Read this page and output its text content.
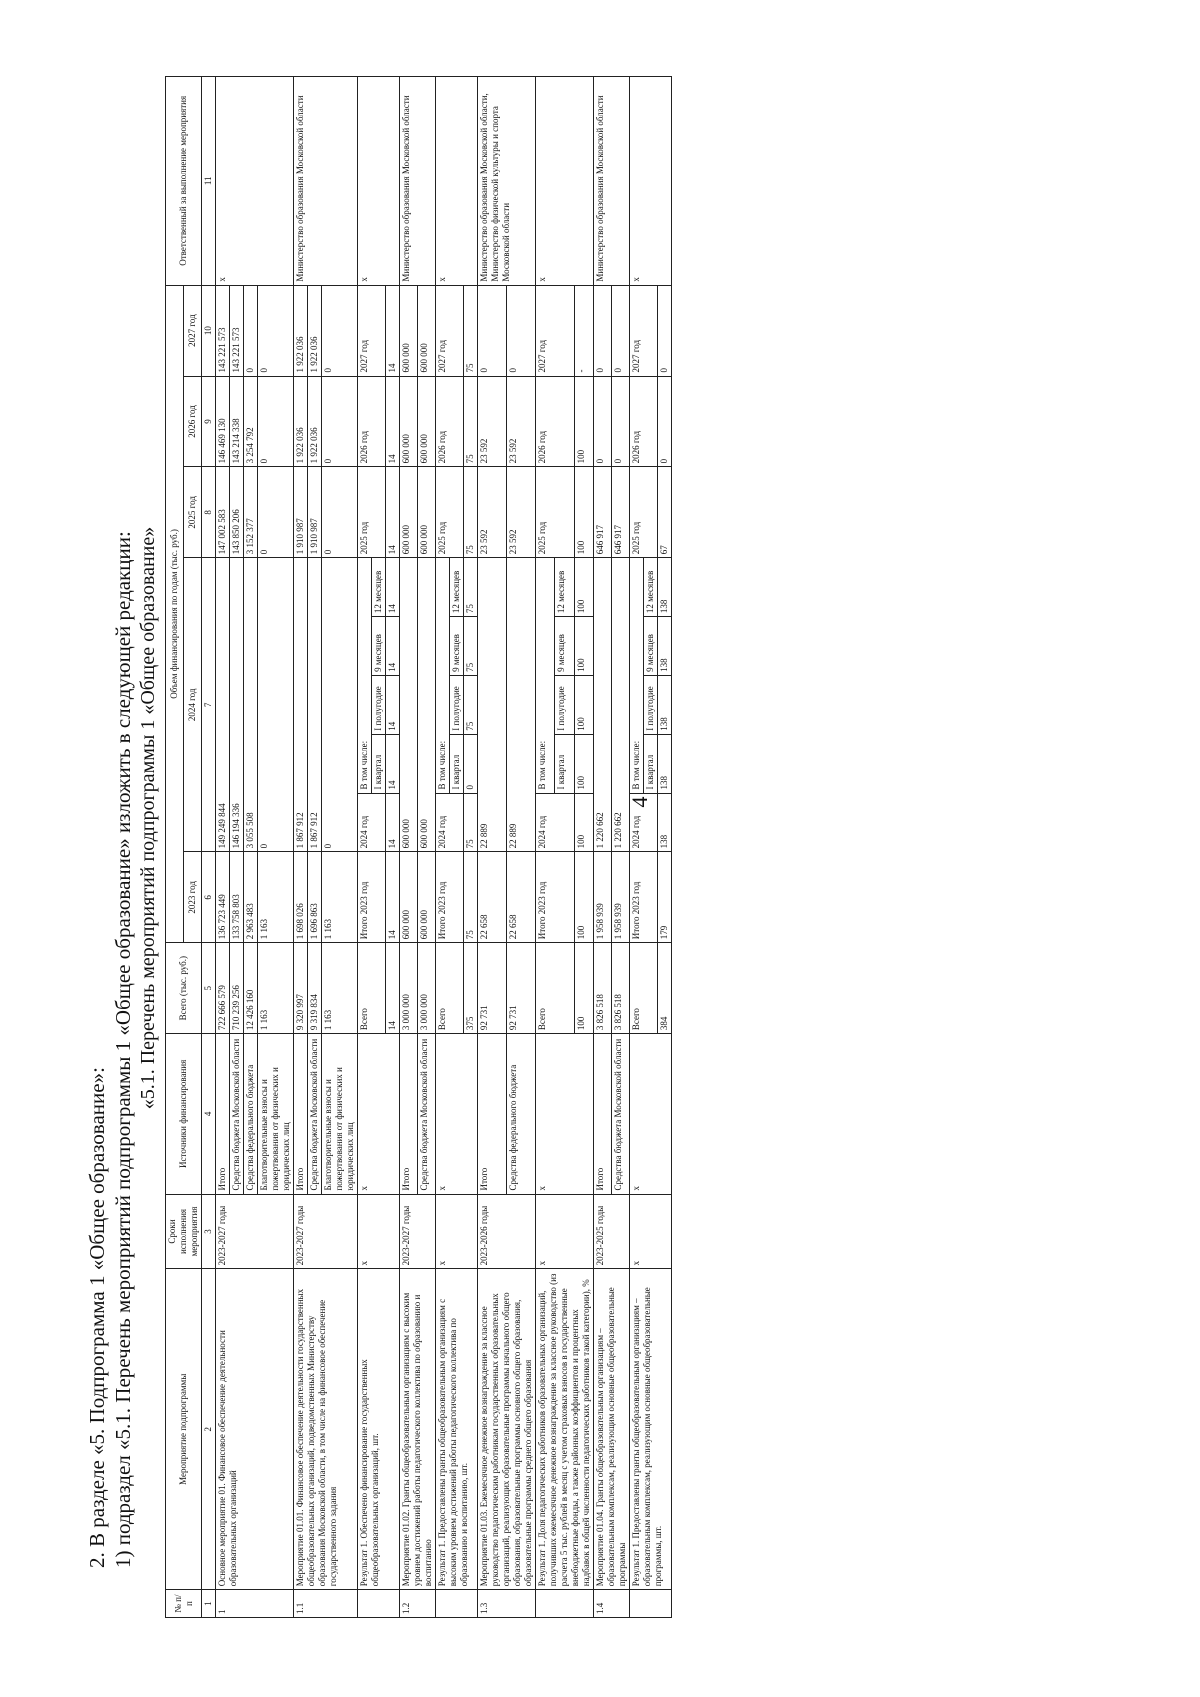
4
2. В разделе «5. Подпрограмма 1 «Общее образование»: 1) подраздел «5.1. Перечень мероприятий подпрограммы 1 «Общее образование» изложить в следующей редакции: «5.1. Перечень мероприятий подпрограммы 1 «Общее образование»
№ п/п	Мероприятие подпрограммы	Сроки исполнения мероприятия	Источники финансирования	Всего (тыс. руб.)	Объем финансирования по годам (тыс. руб.)									Ответственный за выполнение мероприятия
					2023 год	2024 год					2025 год	2026 год	2027 год	
1	2	3	4	5	6	7					8	9	10	11
1	Основное мероприятие 01. Финансовое обеспечение деятельности образовательных организаций	2023-2027 годы	Итого	722 666 579	136 723 449	149 249 844					147 002 583	146 469 130	143 221 573	х
			Средства бюджета Московской области	710 239 256	133 758 803	146 194 336					143 850 206	143 214 338	143 221 573	
			Средства федерального бюджета	12 426 160	2 963 483	3 055 508					3 152 377	3 254 792	0	
			Благотворительные взносы и пожертвования от физических и юридических лиц	1 163	1 163	0					0	0	0	
1.1	Мероприятие 01.01. Финансовое обеспечение деятельности государственных общеобразовательных организаций, подведомственных Министерству образования Московской области, в том числе на финансовое обеспечение государственного задания	2023-2027 годы	Итого	9 320 997	1 698 026	1 867 912					1 910 987	1 922 036	1 922 036	Министерство образования Московской области
			Средства бюджета Московской области	9 319 834	1 696 863	1 867 912					1 910 987	1 922 036	1 922 036	
			Благотворительные взносы и пожертвования от физических и юридических лиц	1 163	1 163	0					0	0	0	
	Результат 1. Обеспечено финансирование государственных общеобразовательных организаций, шт.	х	х	Всего	Итого 2023 год	2024 год	В том числе:				2025 год	2026 год	2027 год	х
							I квартал	I полугодие	9 месяцев	12 месяцев				
				14	14	14	14	14	14	14	14	14	14	
1.2	Мероприятие 01.02. Гранты общеобразовательным организациям с высоким уровнем достижений работы педагогического коллектива по образованию и воспитанию	2023-2027 годы	Итого	3 000 000	600 000	600 000					600 000	600 000	600 000	Министерство образования Московской области
			Средства бюджета Московской области	3 000 000	600 000	600 000					600 000	600 000	600 000	
	Результат 1. Предоставлены гранты общеобразовательным организациям с высоким уровнем достижений работы педагогического коллектива по образованию и воспитанию, шт.	х	х	Всего	Итого 2023 год	2024 год	В том числе:				2025 год	2026 год	2027 год	х
							I квартал	I полугодие	9 месяцев	12 месяцев				
				375	75	75	0	75	75	75	75	75	75	
1.3	Мероприятие 01.03. Ежемесячное денежное вознаграждение за классное руководство педагогическим работникам государственных образовательных организаций, реализующих образовательные программы начального общего образования, образовательные программы основного общего образования, образовательные программы среднего общего образования	2023-2026 годы	Итого	92 731	22 658	22 889					23 592	23 592	0	Министерство образования Московской области, Министерство физической культуры и спорта Московской области
			Средства федерального бюджета	92 731	22 658	22 889					23 592	23 592	0	
	Результат 1. Доля педагогических работников образовательных организаций, получивших ежемесячное денежное вознаграждение за классное руководство (из расчета 5 тыс. рублей в месяц с учетом страховых взносов в государственные внебюджетные фонды, а также районных коэффициентов и процентных надбавок в общей численности педагогических работников такой категории), %	х	х	Всего	Итого 2023 год	2024 год	В том числе:				2025 год	2026 год	2027 год	х
							I квартал	I полугодие	9 месяцев	12 месяцев				
				100	100	100	100	100	100	100	100	100	-	
1.4	Мероприятие 01.04. Гранты общеобразовательным организациям – образовательным комплексам, реализующим основные общеобразовательные программы	2023-2025 годы	Итого	3 826 518	1 958 939	1 220 662					646 917	0	0	Министерство образования Московской области
			Средства бюджета Московской области	3 826 518	1 958 939	1 220 662					646 917	0	0	
	Результат 1. Предоставлены гранты общеобразовательным организациям – образовательным комплексам, реализующим основные общеобразовательные программы, шт.	х	х	Всего	Итого 2023 год	2024 год	В том числе:				2025 год	2026 год	2027 год	х
							I квартал	I полугодие	9 месяцев	12 месяцев				
				384	179	138	138	138	138	138	67	0	0	
